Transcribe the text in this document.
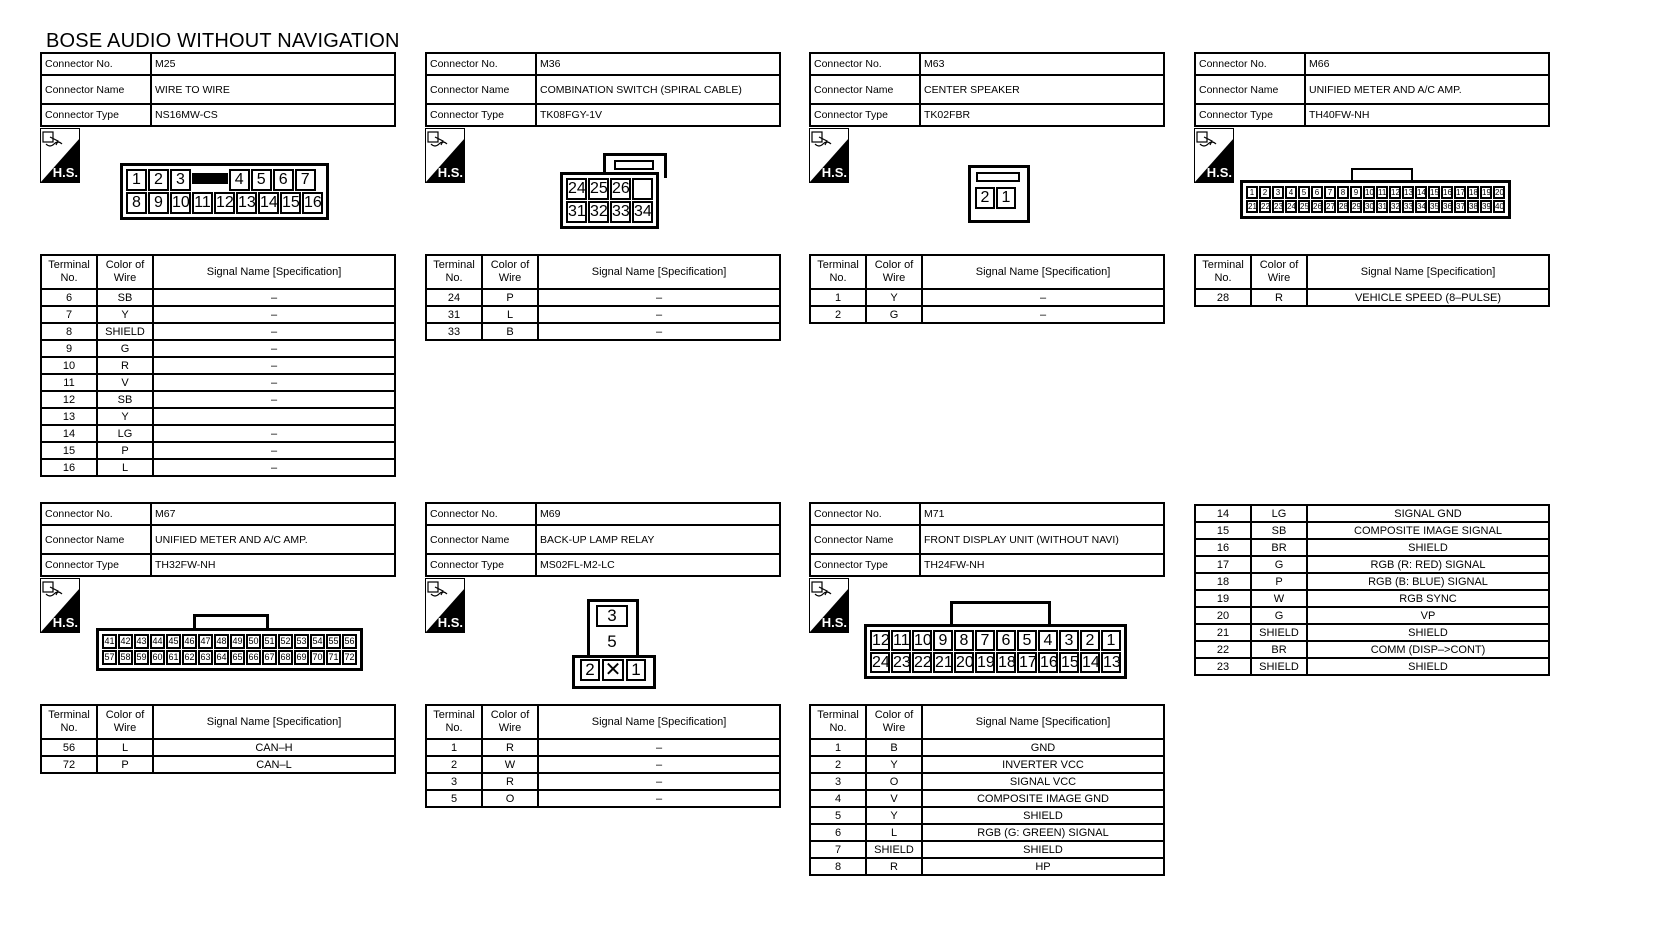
BOSE AUDIO WITHOUT NAVIGATION
Connector No.	M25
Connector Name	WIRE TO WIRE
Connector Type	NS16MW-CS
H.S.
Terminal No.	Color of Wire	Signal Name [Specification]
6	SB	–
7	Y	–
8	SHIELD	–
9	G	–
10	R	–
11	V	–
12	SB	–
13	Y	
14	LG	–
15	P	–
16	L	–
Connector No.	M36
Connector Name	COMBINATION SWITCH (SPIRAL CABLE)
Connector Type	TK08FGY-1V
H.S.
Terminal No.	Color of Wire	Signal Name [Specification]
24	P	–
31	L	–
33	B	–
Connector No.	M63
Connector Name	CENTER SPEAKER
Connector Type	TK02FBR
H.S.
Terminal No.	Color of Wire	Signal Name [Specification]
1	Y	–
2	G	–
Connector No.	M66
Connector Name	UNIFIED METER AND A/C AMP.
Connector Type	TH40FW-NH
H.S.
Terminal No.	Color of Wire	Signal Name [Specification]
28	R	VEHICLE SPEED (8–PULSE)
Connector No.	M67
Connector Name	UNIFIED METER AND A/C AMP.
Connector Type	TH32FW-NH
H.S.
Terminal No.	Color of Wire	Signal Name [Specification]
56	L	CAN–H
72	P	CAN–L
Connector No.	M69
Connector Name	BACK-UP LAMP RELAY
Connector Type	MS02FL-M2-LC
H.S.
Terminal No.	Color of Wire	Signal Name [Specification]
1	R	–
2	W	–
3	R	–
5	O	–
Connector No.	M71
Connector Name	FRONT DISPLAY UNIT (WITHOUT NAVI)
Connector Type	TH24FW-NH
H.S.
Terminal No.	Color of Wire	Signal Name [Specification]
1	B	GND
2	Y	INVERTER VCC
3	O	SIGNAL VCC
4	V	COMPOSITE IMAGE GND
5	Y	SHIELD
6	L	RGB (G: GREEN) SIGNAL
7	SHIELD	SHIELD
8	R	HP
1 2 3	4 5 6 7
8 9 10 11 12 13 14 15 16
24 25 26
31 32 33 34
2 1	1	2	3	4	5	6	7	8	9 10 11 12 13 14 15 16 17 18 19 20
21 22 23 24 25 26 27 28 29 30 31 32 33 34 35 36 37 38 39 40
41 42 43 44 45 46 47 48 49 50 51 52 53 54 55 56
57 58 59 60 61 62 63 64 65 66 67 68 69 70 71 72
3
5
2 ✕ 1
12 11 10 9 8 7 6 5 4 3 2 1
24 23 22 21 20 19 18 17 16 15 14 13
14	LG	SIGNAL GND
15	SB	COMPOSITE IMAGE SIGNAL
16	BR	SHIELD
17	G	RGB (R: RED) SIGNAL
18	P	RGB (B: BLUE) SIGNAL
19	W	RGB SYNC
20	G	VP
21	SHIELD	SHIELD
22	BR	COMM (DISP–>CONT)
23	SHIELD	SHIELD
